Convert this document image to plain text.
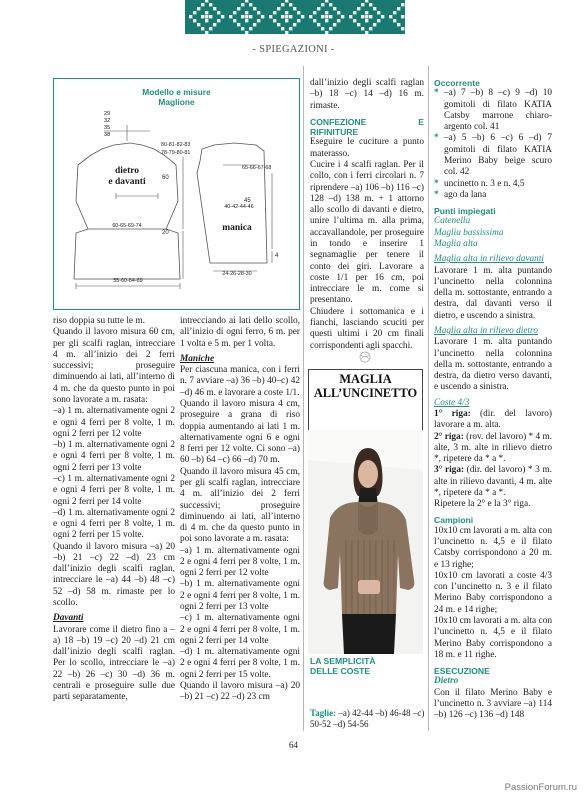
- SPIEGAZIONI -
Modello e misure
Maglione
29
32
35
38
80-81-82-83
78-79-80-81
60
20
dietro
e davanti
60-65-69-74
55-60-64-69
65-66-67-68
45
40-42-44-46
manica
24-26-28-30
4

riso doppia su tutte le m.

Quando il lavoro misura 60 cm, per gli scalfi raglan, intrecciare 4 m. all’inizio dei 2 ferri successivi; proseguire diminuendo ai lati, all’interno di 4 m. che da questo punto in poi sono lavorate a m. rasata:

–a) 1 m. alternativamente ogni 2 e ogni 4 ferri per 8 volte, 1 m. ogni 2 ferri per 12 volte

–b) 1 m. alternativamente ogni 2 e ogni 4 ferri per 8 volte, 1 m. ogni 2 ferri per 13 volte

–c) 1 m. alternativamente ogni 2 e ogni 4 ferri per 8 volte, 1 m. ogni 2 ferri per 14 volte

–d) 1 m. alternativamente ogni 2 e ogni 4 ferri per 8 volte, 1 m. ogni 2 ferri per 15 volte.

Quando il lavoro misura –a) 20 –b) 21 –c) 22 –d) 23 cm dall’inizio degli scalfi raglan, intrecciare le –a) 44 –b) 48 –c) 52 –d) 58 m. rimaste per lo scollo.

Davanti

Lavorare come il dietro fino a –a) 18 –b) 19 –c) 20 –d) 21 cm dall’inizio degli scalfi raglan. Per lo scollo, intrecciare le –a) 22 –b) 26 –c) 30 –d) 36 m. centrali e proseguire sulle due parti separatamente,

intrecciando ai lati dello scollo, all’inizio di ogni ferro, 6 m. per 1 volta e 5 m. per 1 volta.

Maniche

Per ciascuna manica, con i ferri n. 7 avviare –a) 36 –b) 40–c) 42 –d) 46 m. e lavorare a coste 1/1.

Quando il lavoro misura 4 cm, proseguire a grana di riso doppia aumentando ai lati 1 m. alternativamente ogni 6 e ogni 8 ferri per 12 volte. Ci sono –a) 60 –b) 64 –c) 66 –d) 70 m.

Quando il lavoro misura 45 cm, per gli scalfi raglan, intrecciare 4 m. all’inizio dei 2 ferri successivi; proseguire diminuendo ai lati, all’interno di 4 m. che da questo punto in poi sono lavorate a m. rasata:

–a) 1 m. alternativamente ogni 2 e ogni 4 ferri per 8 volte, 1 m. ogni 2 ferri per 12 volte

–b) 1 m. alternativamente ogni 2 e ogni 4 ferri per 8 volte, 1 m. ogni 2 ferri per 13 volte

–c) 1 m. alternativamente ogni 2 e ogni 4 ferri per 8 volte, 1 m. ogni 2 ferri per 14 volte

–d) 1 m. alternativamente ogni 2 e ogni 4 ferri per 8 volte, 1 m. ogni 2 ferri per 15 volte.

Quando il lavoro misura –a) 20 –b) 21 –c) 22 –d) 23 cm

dall’inizio degli scalfi raglan –b) 18 –c) 14 –d) 16 m. rimaste.

CONFEZIONE E RIFINITURE

Eseguire le cuciture a punto materasso.

Cucire i 4 scalfi raglan. Per il collo, con i ferri circolari n. 7 riprendere –a) 106 –b) 116 –c) 128 –d) 138 m. + 1 attorno allo scollo di davanti e dietro, unire l’ultima m. alla prima, accavallandole, per proseguire in tondo e inserire 1 segnamaglie per tenere il conto dei giri. Lavorare a coste 1/1 per 16 cm, poi intrecciare le m. come si presentano.

Chiudere i sottomanica e i fianchi, lasciando scuciti per questi ultimi i 20 cm finali corrispondenti agli spacchi.

MAGLIA
ALL’UNCINETTO
LA SEMPLICITÀ
DELLE COSTE
Taglie: –a) 42-44 –b) 46-48 –c) 50-52 –d) 54-56

Occorrente

* –a) 7 –b) 8 –c) 9 –d) 10 gomitoli di filato KATIA Catsby marrone chiaro-argento col. 41
* –a) 5 –b) 6 –c) 6 –d) 7 gomitoli di filato KATIA Merino Baby beige scuro col. 42
* uncinetto n. 3 e n. 4,5
* ago da lana

Punti impiegati

Catenella

Maglia bassissima

Maglia alta

Maglia alta in rilievo davanti

Lavorare 1 m. alta puntando l’uncinetto nella colonnina della m. sottostante, entrando a destra, dal davanti verso il dietro, e uscendo a sinistra.

Maglia alta in rilievo dietro

Lavorare 1 m. alta puntando l’uncinetto nella colonnina della m. sottostante, entrando a destra, da dietro verso davanti, e uscendo a sinistra.

Coste 4/3

1° riga: (dir. del lavoro) lavorare a m. alta.

2° riga: (rov. del lavoro) * 4 m. alte, 3 m. alte in rilievo dietro *, ripetere da * a *.

3° riga: (dir. del lavoro) * 3 m. alte in rilievo davanti, 4 m. alte *, ripetere da * a *.

Ripetere la 2° e la 3° riga.

Campioni

10x10 cm lavorati a m. alta con l’uncinetto n. 4,5 e il filato Catsby corrispondono a 20 m. e 13 righe;

10x10 cm lavorati a coste 4/3 con l’uncinetto n. 3 e il filato Merino Baby corrispondono a 24 m. e 14 righe;

10x10 cm lavorati a m. alta con l’uncinetto n. 4,5 e il filato Merino Baby corrispondono a 18 m. e 11 righe.

ESECUZIONE

Dietro

Con il filato Merino Baby e l’uncinetto n. 3 avviare –a) 114 –b) 126 –c) 136 –d) 148

64
PassionForum.ru
